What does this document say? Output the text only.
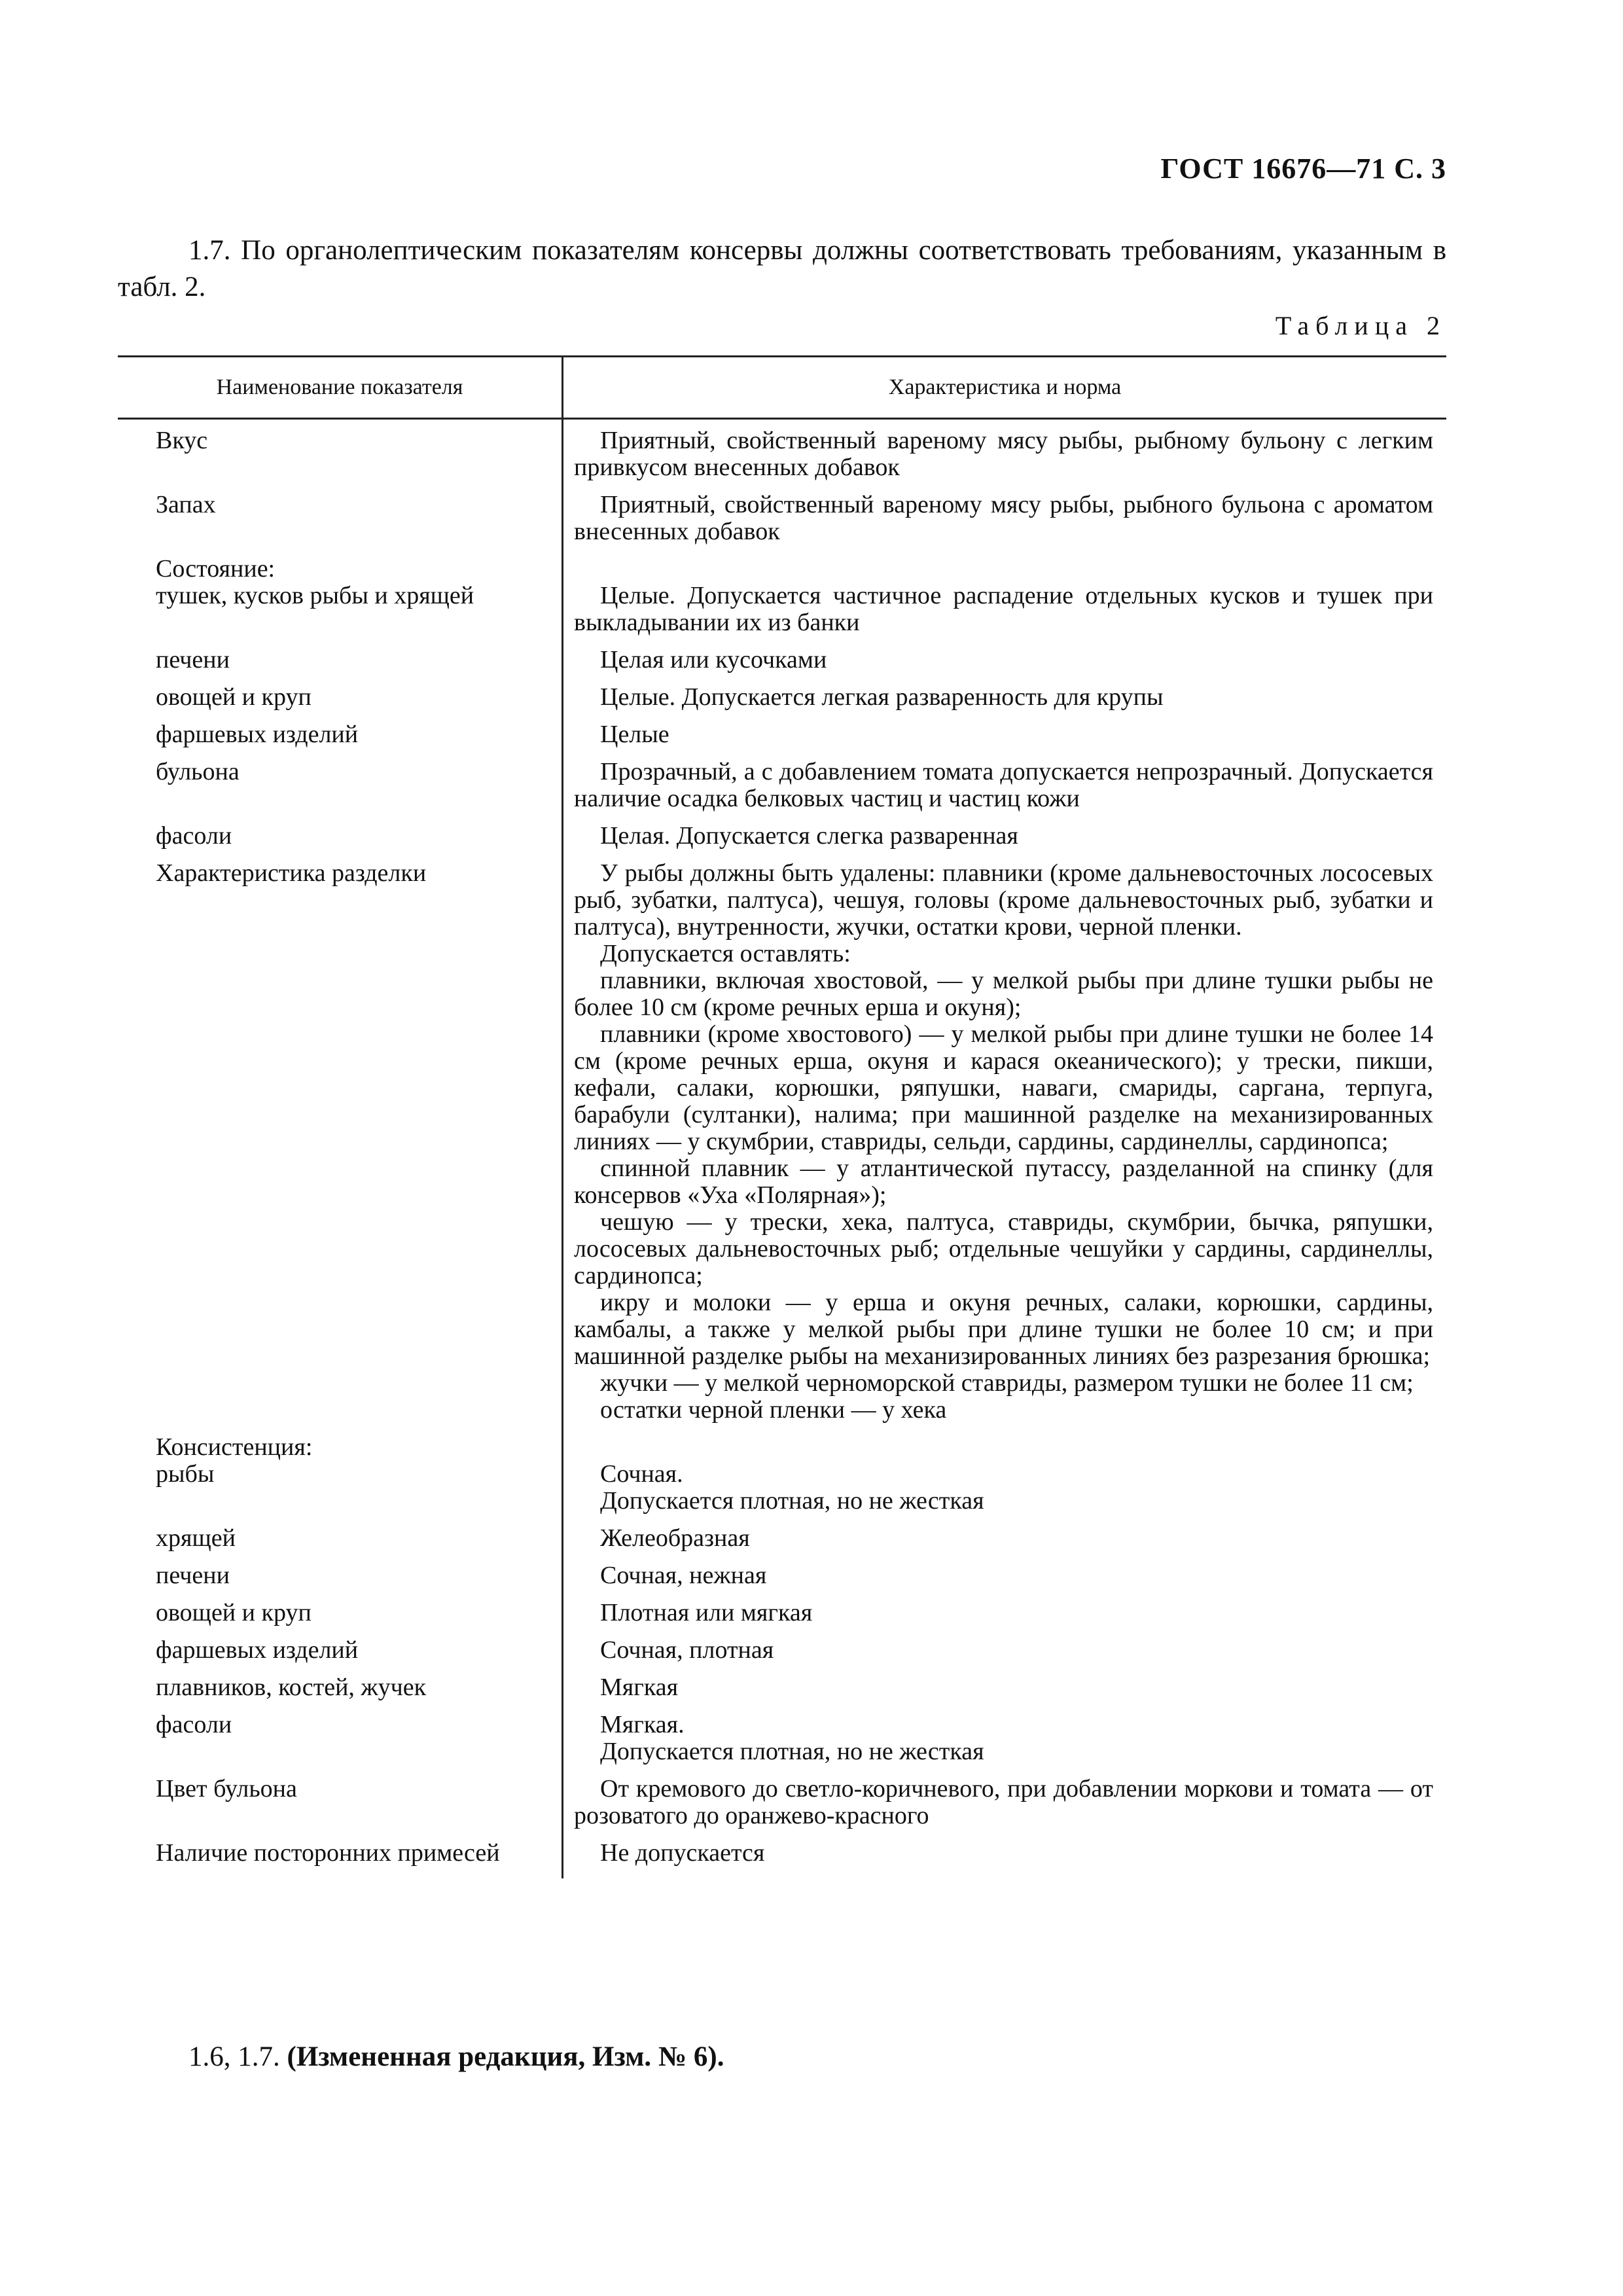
ГОСТ 16676—71 С. 3
1.7. По органолептическим показателям консервы должны соответствовать требованиям, указанным в табл. 2.
Таблица 2
Наименование показателя	Характеристика и норма
Вкус	Приятный, свойственный вареному мясу рыбы, рыбному бульону с легким привкусом внесенных добавок

Запах	Приятный, свойственный вареному мясу рыбы, рыбного бульона с ароматом внесенных добавок

Состояние:
тушек, кусков рыбы и хрящей	Целые. Допускается частичное распадение отдельных кусков и тушек при выкладывании их из банки

печени	Целая или кусочками

овощей и круп	Целые. Допускается легкая разваренность для крупы

фаршевых изделий	Целые

бульона	Прозрачный, а с добавлением томата допускается непрозрачный. Допускается наличие осадка белковых частиц и частиц кожи

фасоли	Целая. Допускается слегка разваренная

Характеристика разделки	У рыбы должны быть удалены: плавники (кроме дальневосточных лососевых рыб, зубатки, палтуса), чешуя, головы (кроме дальневосточных рыб, зубатки и палтуса), внутренности, жучки, остатки крови, черной пленки.

Допускается оставлять:

плавники, включая хвостовой, — у мелкой рыбы при длине тушки рыбы не более 10 см (кроме речных ерша и окуня);

плавники (кроме хвостового) — у мелкой рыбы при длине тушки не более 14 см (кроме речных ерша, окуня и карася океанического); у трески, пикши, кефали, салаки, корюшки, ряпушки, наваги, смариды, саргана, терпуга, барабули (султанки), налима; при машинной разделке на механизированных линиях — у скумбрии, ставриды, сельди, сардины, сардинеллы, сардинопса;

спинной плавник — у атлантической путассу, разделанной на спинку (для консервов «Уха «Полярная»);

чешую — у трески, хека, палтуса, ставриды, скумбрии, бычка, ряпушки, лососевых дальневосточных рыб; отдельные чешуйки у сардины, сардинеллы, сардинопса;

икру и молоки — у ерша и окуня речных, салаки, корюшки, сардины, камбалы, а также у мелкой рыбы при длине тушки не более 10 см; и при машинной разделке рыбы на механизированных линиях без разрезания брюшка;

жучки — у мелкой черноморской ставриды, размером тушки не более 11 см;

остатки черной пленки — у хека

Консистенция:
рыбы	Сочная.

Допускается плотная, но не жесткая

хрящей	Желеобразная

печени	Сочная, нежная

овощей и круп	Плотная или мягкая

фаршевых изделий	Сочная, плотная

плавников, костей, жучек	Мягкая

фасоли	Мягкая.

Допускается плотная, но не жесткая

Цвет бульона	От кремового до светло-коричневого, при добавлении моркови и томата — от розоватого до оранжево-красного

Наличие посторонних примесей	Не допускается

1.6, 1.7. (Измененная редакция, Изм. № 6).
